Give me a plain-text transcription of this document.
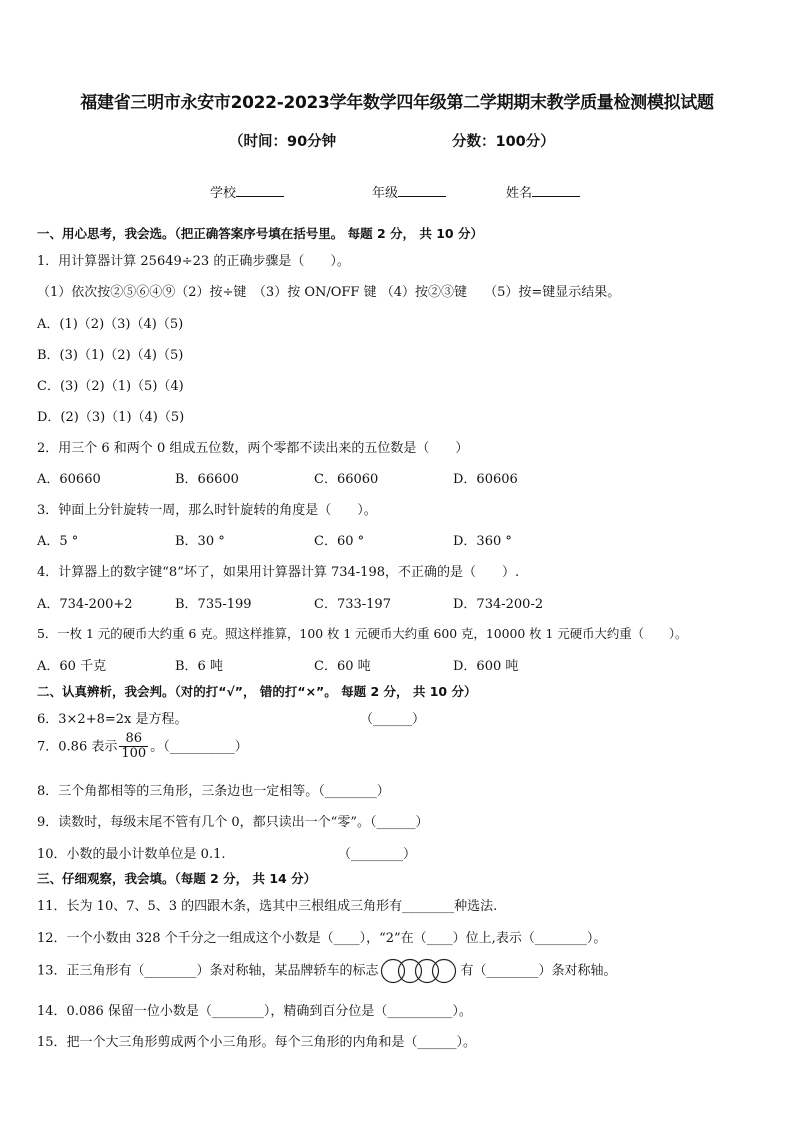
福建省三明市永安市2022-2023学年数学四年级第二学期期末教学质量检测模拟试题
（时间：90分钟	分数：100分）
学校	年级	姓名
一、用心思考，我会选。（把正确答案序号填在括号里。 每题 2 分， 共 10 分）
1．用计算器计算 25649÷23 的正确步骤是（　　）。
（1）依次按②⑤⑥④⑨（2）按÷键　（3）按 ON/OFF 键 （4）按②③键　 （5）按=键显示结果。
A．(1)（2)（3)（4)（5)
B．(3)（1)（2)（4)（5)
C．(3)（2)（1)（5)（4)
D．(2)（3)（1)（4)（5)
2．用三个 6 和两个 0 组成五位数，两个零都不读出来的五位数是（　　）
A．60660	B．66600	C．66060	D．60606
3．钟面上分针旋转一周，那么时针旋转的角度是（　　）。
A．5 °	B．30 °	C．60 °	D．360 °
4．计算器上的数字键“8”坏了，如果用计算器计算 734-198，不正确的是（　　）.
A．734-200+2	B．735-199	C．733-197	D．734-200-2
5．一枚 1 元的硬币大约重 6 克。照这样推算，100 枚 1 元硬币大约重 600 克，10000 枚 1 元硬币大约重（　　）。
A．60 千克	B．6 吨	C．60 吨	D．600 吨
二、认真辨析，我会判。（对的打“√”， 错的打“×”。 每题 2 分， 共 10 分）
6．3×2+8=2x 是方程。	（______）
7．0.86 表示 $\frac{86}{100}$ 。（__________）
8．三个角都相等的三角形，三条边也一定相等。（________）
9．读数时，每级末尾不管有几个 0，都只读出一个“零”。（______）
10．小数的最小计数单位是 0.1.	（________）
三、仔细观察，我会填。（每题 2 分， 共 14 分）
11．长为 10、7、5、3 的四跟木条，选其中三根组成三角形有________种选法.
12．一个小数由 328 个千分之一组成这个小数是（____），“2”在（____）位上,表示（________）。
13．正三角形有（________）条对称轴，某品牌轿车的标志	有（________）条对称轴。
14．0.086 保留一位小数是（________），精确到百分位是（__________）。
15．把一个大三角形剪成两个小三角形。每个三角形的内角和是（______）。
